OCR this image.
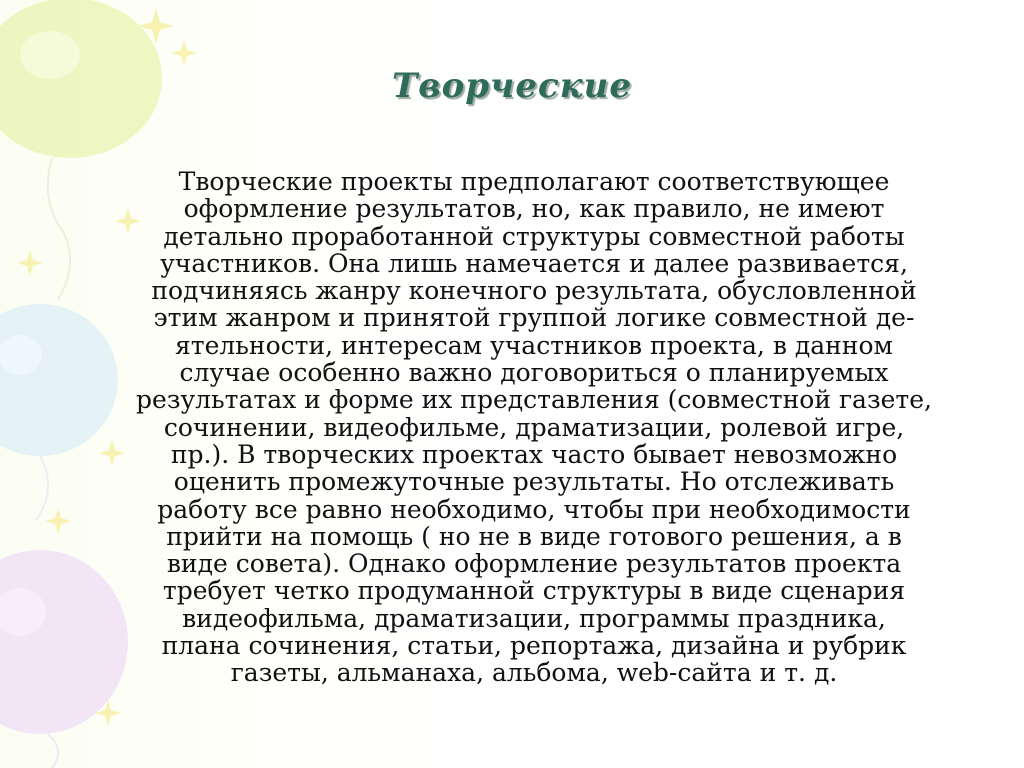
Творческие
Творческие проекты предполагают соответствующее
оформление результатов, но, как правило, не имеют
детально проработанной структуры совместной работы
участников. Она лишь намечается и далее развивается,
подчиняясь жанру конечного результата, обусловленной
этим жанром и принятой группой логике совместной де-
ятельности, интересам участников проекта, в данном
случае особенно важно договориться о планируемых
результатах и форме их представления (совместной газете,
сочинении, видеофильме, драматизации, ролевой игре,
пр.). В творческих проектах часто бывает невозможно
оценить промежуточные результаты. Но отслеживать
работу все равно необходимо, чтобы при необходимости
прийти на помощь ( но не в виде готового решения, а в
виде совета). Однако оформление результатов проекта
требует четко продуманной структуры в виде сценария
видеофильма, драматизации, программы праздника,
плана сочинения, статьи, репортажа, дизайна и рубрик
газеты, альманаха, альбома, web-сайта и т. д.
